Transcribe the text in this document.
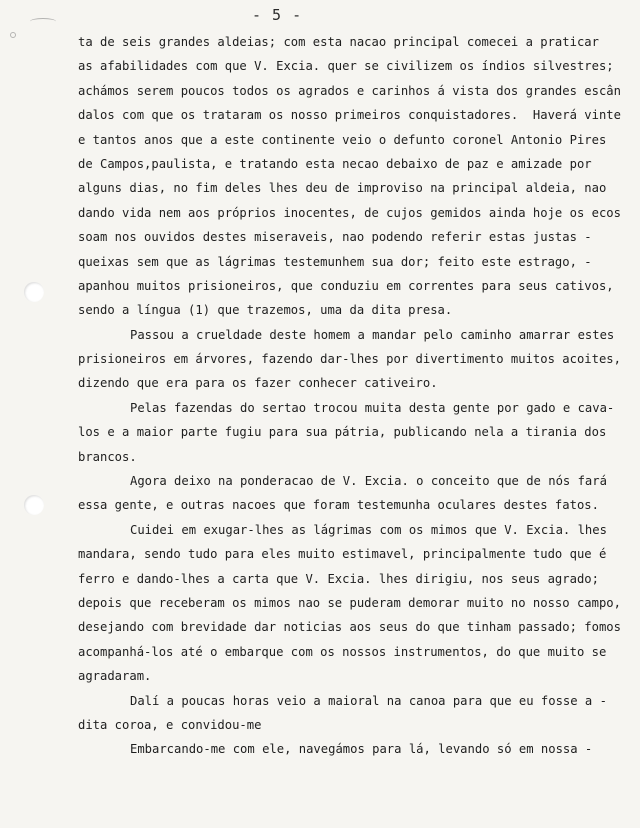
- 5 -
ta de seis grandes aldeias; com esta nacao principal comecei a praticar
as afabilidades com que V. Excia. quer se civilizem os índios silvestres;
achámos serem poucos todos os agrados e carinhos á vista dos grandes escân
dalos com que os trataram os nosso primeiros conquistadores.  Haverá vinte
e tantos anos que a este continente veio o defunto coronel Antonio Pires
de Campos,paulista, e tratando esta necao debaixo de paz e amizade por
alguns dias, no fim deles lhes deu de improviso na principal aldeia, nao
dando vida nem aos próprios inocentes, de cujos gemidos ainda hoje os ecos
soam nos ouvidos destes miseraveis, nao podendo referir estas justas -
queixas sem que as lágrimas testemunhem sua dor; feito este estrago, -
apanhou muitos prisioneiros, que conduziu em correntes para seus cativos,
sendo a língua (1) que trazemos, uma da dita presa.
Passou a crueldade deste homem a mandar pelo caminho amarrar estes
prisioneiros em árvores, fazendo dar-lhes por divertimento muitos acoites,
dizendo que era para os fazer conhecer cativeiro.
Pelas fazendas do sertao trocou muita desta gente por gado e cava-
los e a maior parte fugiu para sua pátria, publicando nela a tirania dos
brancos.
Agora deixo na ponderacao de V. Excia. o conceito que de nós fará
essa gente, e outras nacoes que foram testemunha oculares destes fatos.
Cuidei em exugar-lhes as lágrimas com os mimos que V. Excia. lhes
mandara, sendo tudo para eles muito estimavel, principalmente tudo que é
ferro e dando-lhes a carta que V. Excia. lhes dirigiu, nos seus agrado;
depois que receberam os mimos nao se puderam demorar muito no nosso campo,
desejando com brevidade dar noticias aos seus do que tinham passado; fomos
acompanhá-los até o embarque com os nossos instrumentos, do que muito se
agradaram.
Dalí a poucas horas veio a maioral na canoa para que eu fosse a -
dita coroa, e convidou-me
Embarcando-me com ele, navegámos para lá, levando só em nossa -
